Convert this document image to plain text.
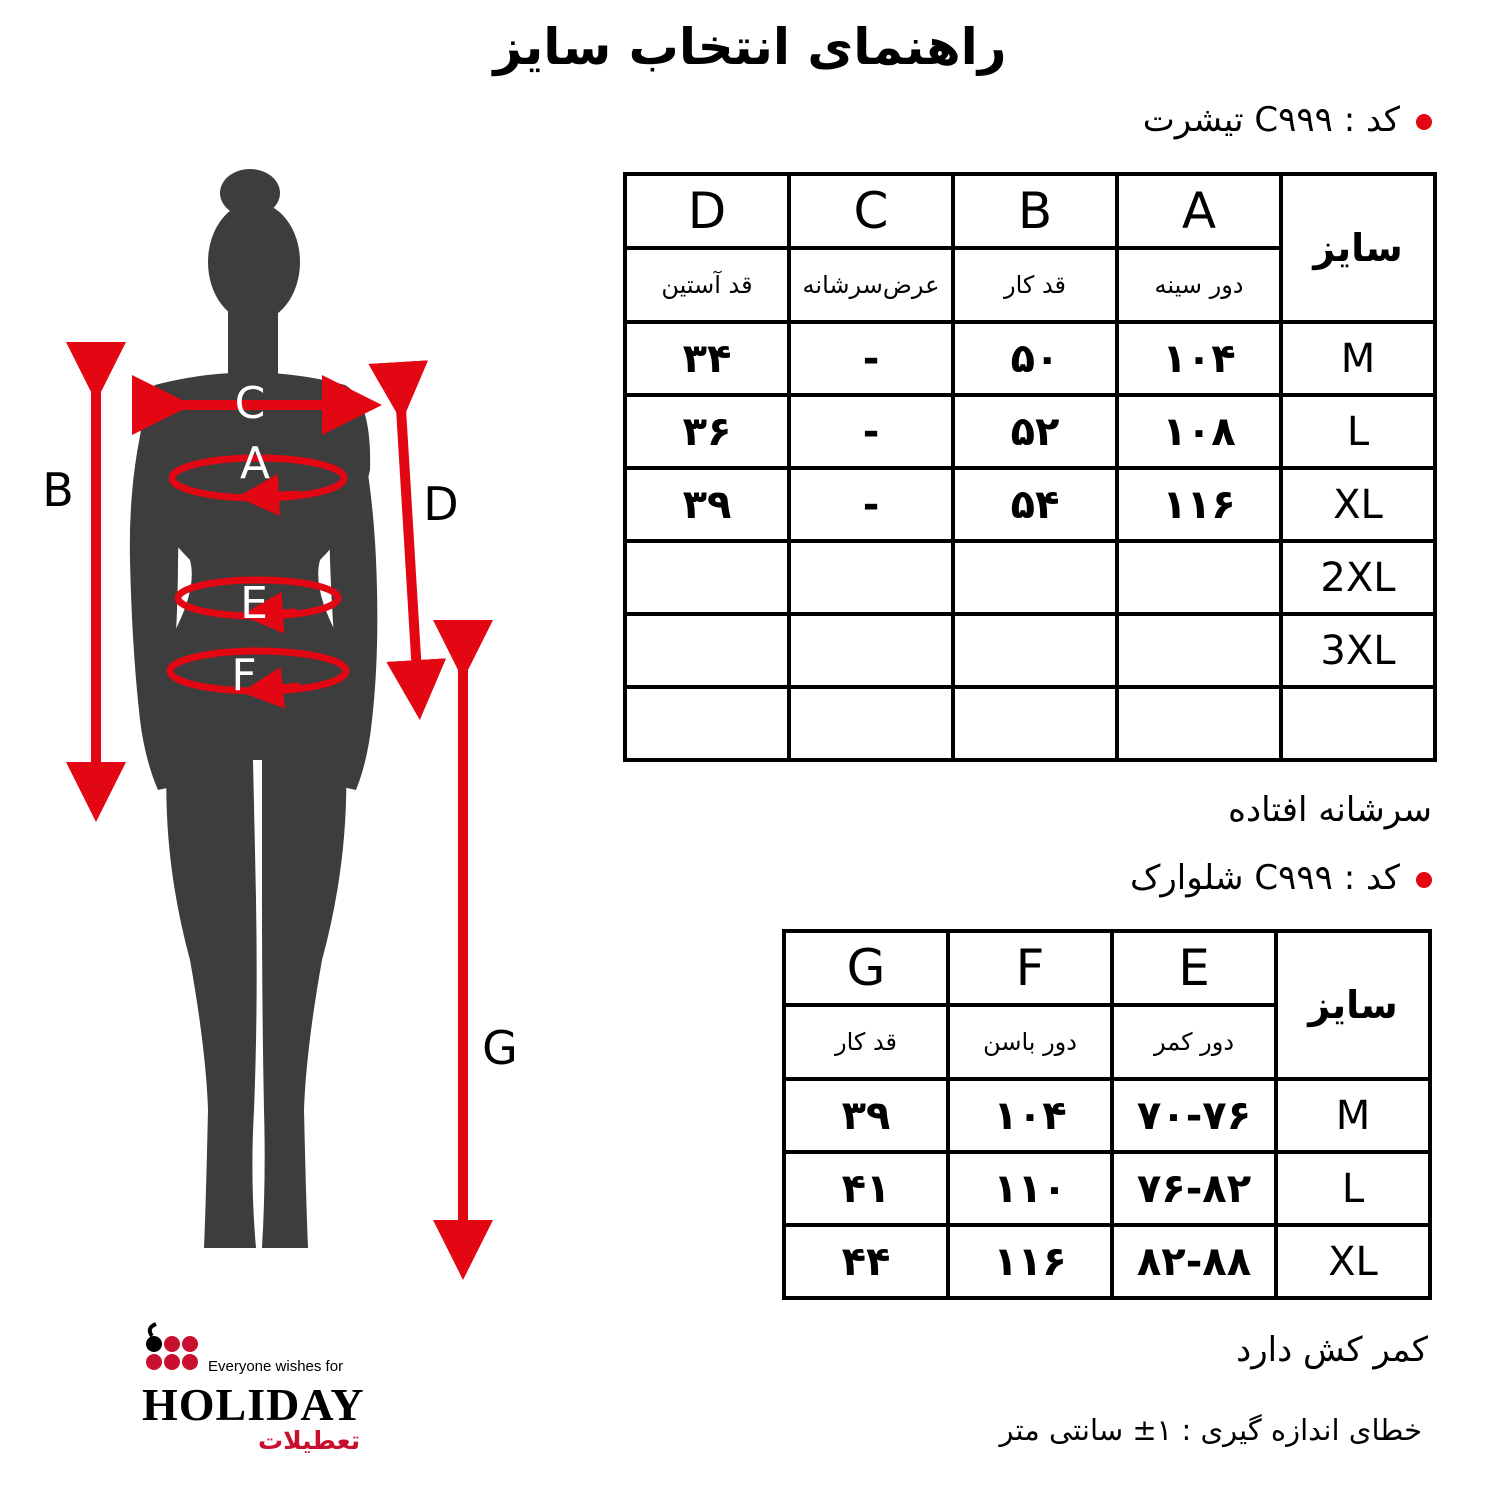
راهنمای انتخاب سایز
کد : C۹۹۹ تیشرت
سایز	A	B	C	D
	دور سینه	قد کار	عرض‌سرشانه	قد آستین
M	۱۰۴	۵۰	-	۳۴
L	۱۰۸	۵۲	-	۳۶
XL	۱۱۶	۵۴	-	۳۹
2XL				
3XL				

سرشانه افتاده
کد : C۹۹۹ شلوارک
سایز	E	F	G
	دور کمر	دور باسن	قد کار
M	۷۰-۷۶	۱۰۴	۳۹
L	۷۶-۸۲	۱۱۰	۴۱
XL	۸۲-۸۸	۱۱۶	۴۴
کمر کش دارد
خطای اندازه گیری : ۱± سانتی متر
B	D
G
C
A
E
F
Everyone wishes for
HOLIDAY
تعطیلات
